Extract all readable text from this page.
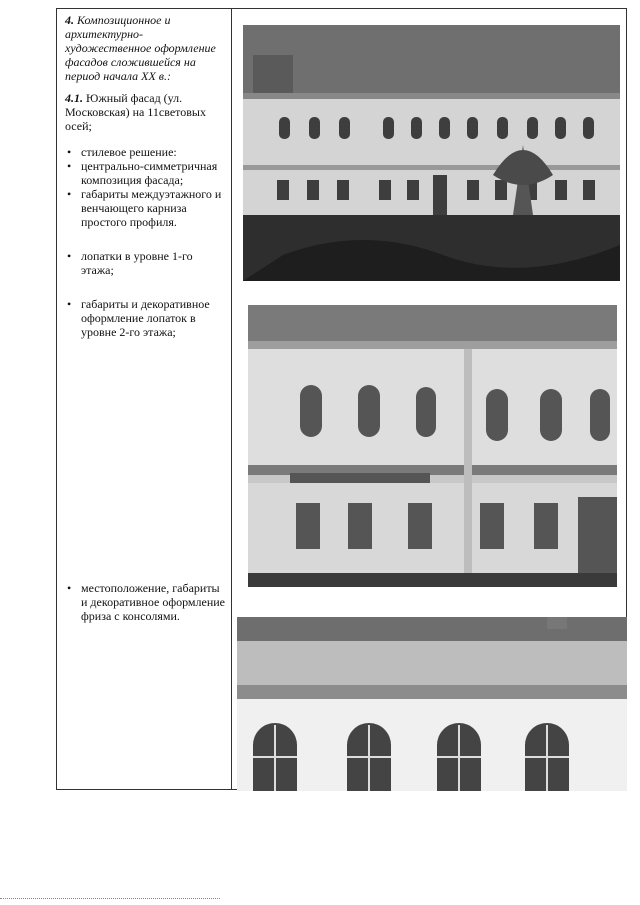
4. Композиционное и архитектурно-художественное оформление фасадов сложившейся на период начала XX в.:
4.1. Южный фасад (ул. Московская) на 11световых осей;
• стилевое решение:
• центрально-симметричная композиция фасада;
• габариты междуэтажного и венчающего карниза простого профиля.
• лопатки в уровне 1-го этажа;
• габариты и декоративное оформление лопаток в уровне 2-го этажа;
• местоположение, габариты и декоративное оформление фриза с консолями.
